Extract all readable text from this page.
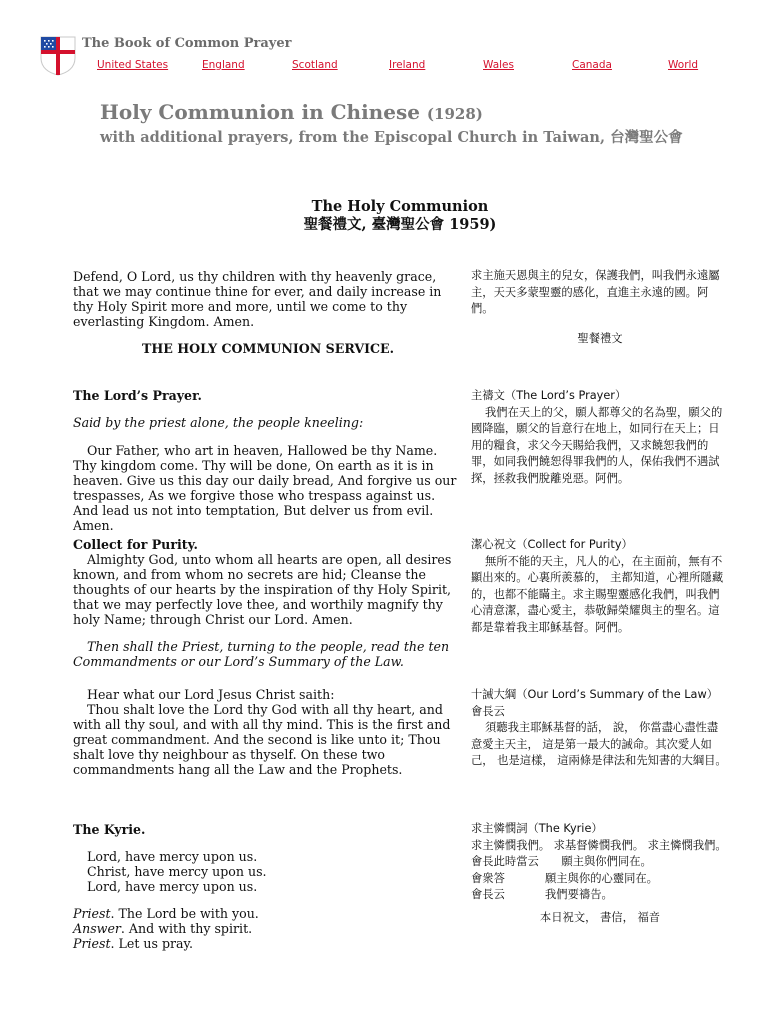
The Book of Common Prayer
United States	England	Scotland	Ireland	Wales	Canada	World
Holy Communion in Chinese (1928)
with additional prayers, from the Episcopal Church in Taiwan, 台灣聖公會
The Holy Communion
聖餐禮文, 臺灣聖公會 1959)

Defend, O Lord, us thy children with thy heavenly grace, that we may continue thine for ever, and daily increase in thy Holy Spirit more and more, until we come to thy everlasting Kingdom. Amen.

THE HOLY COMMUNION SERVICE.

The Lord’s Prayer.

Said by the priest alone, the people kneeling:

Our Father, who art in heaven, Hallowed be thy Name. Thy kingdom come. Thy will be done, On earth as it is in heaven. Give us this day our daily bread, And forgive us our trespasses, As we forgive those who trespass against us. And lead us not into temptation, But delver us from evil. Amen.

Collect for Purity.

Almighty God, unto whom all hearts are open, all desires known, and from whom no secrets are hid; Cleanse the thoughts of our hearts by the inspiration of thy Holy Spirit, that we may perfectly love thee, and worthily magnify thy holy Name; through Christ our Lord. Amen.

Then shall the Priest, turning to the people, read the ten Commandments or our Lord’s Summary of the Law.

Hear what our Lord Jesus Christ saith:

Thou shalt love the Lord thy God with all thy heart, and with all thy soul, and with all thy mind. This is the first and great commandment. And the second is like unto it; Thou shalt love thy neighbour as thyself. On these two commandments hang all the Law and the Prophets.

The Kyrie.

Lord, have mercy upon us.

Christ, have mercy upon us.

Lord, have mercy upon us.

Priest. The Lord be with you.

Answer. And with thy spirit.

Priest. Let us pray.

求主施天恩與主的兒女，保護我們，叫我們永遠屬主，天天多蒙聖靈的感化，直進主永遠的國。阿們。

聖餐禮文

主禱文（The Lord’s Prayer）

我們在天上的父，願人都尊父的名為聖，願父的國降臨，願父的旨意行在地上，如同行在天上；日用的糧食，求父今天賜給我們，又求饒恕我們的罪，如同我們饒恕得罪我們的人，保佑我們不遇試探，拯救我們脫離兇惡。阿們。

潔心祝文（Collect for Purity）

無所不能的天主，凡人的心，在主面前，無有不顯出來的。心裏所羨慕的， 主都知道，心裡所隱藏的，也都不能瞞主。求主賜聖靈感化我們，叫我們心清意潔，盡心愛主，恭敬歸榮耀與主的聖名。這都是靠着我主耶穌基督。阿們。

十誡大綱（Our Lord’s Summary of the Law）

會長云

須聽我主耶穌基督的話， 說， 你當盡心盡性盡意愛主天主， 這是第一最大的誡命。其次愛人如己， 也是這樣， 這兩條是律法和先知書的大綱目。

求主憐憫詞（The Kyrie）

求主憐憫我們。 求基督憐憫我們。 求主憐憫我們。

會長此時當云　　 願主與你們同在。

會衆答	願主與你的心靈同在。

會長云	我們要禱告。

本日祝文， 書信， 福音
